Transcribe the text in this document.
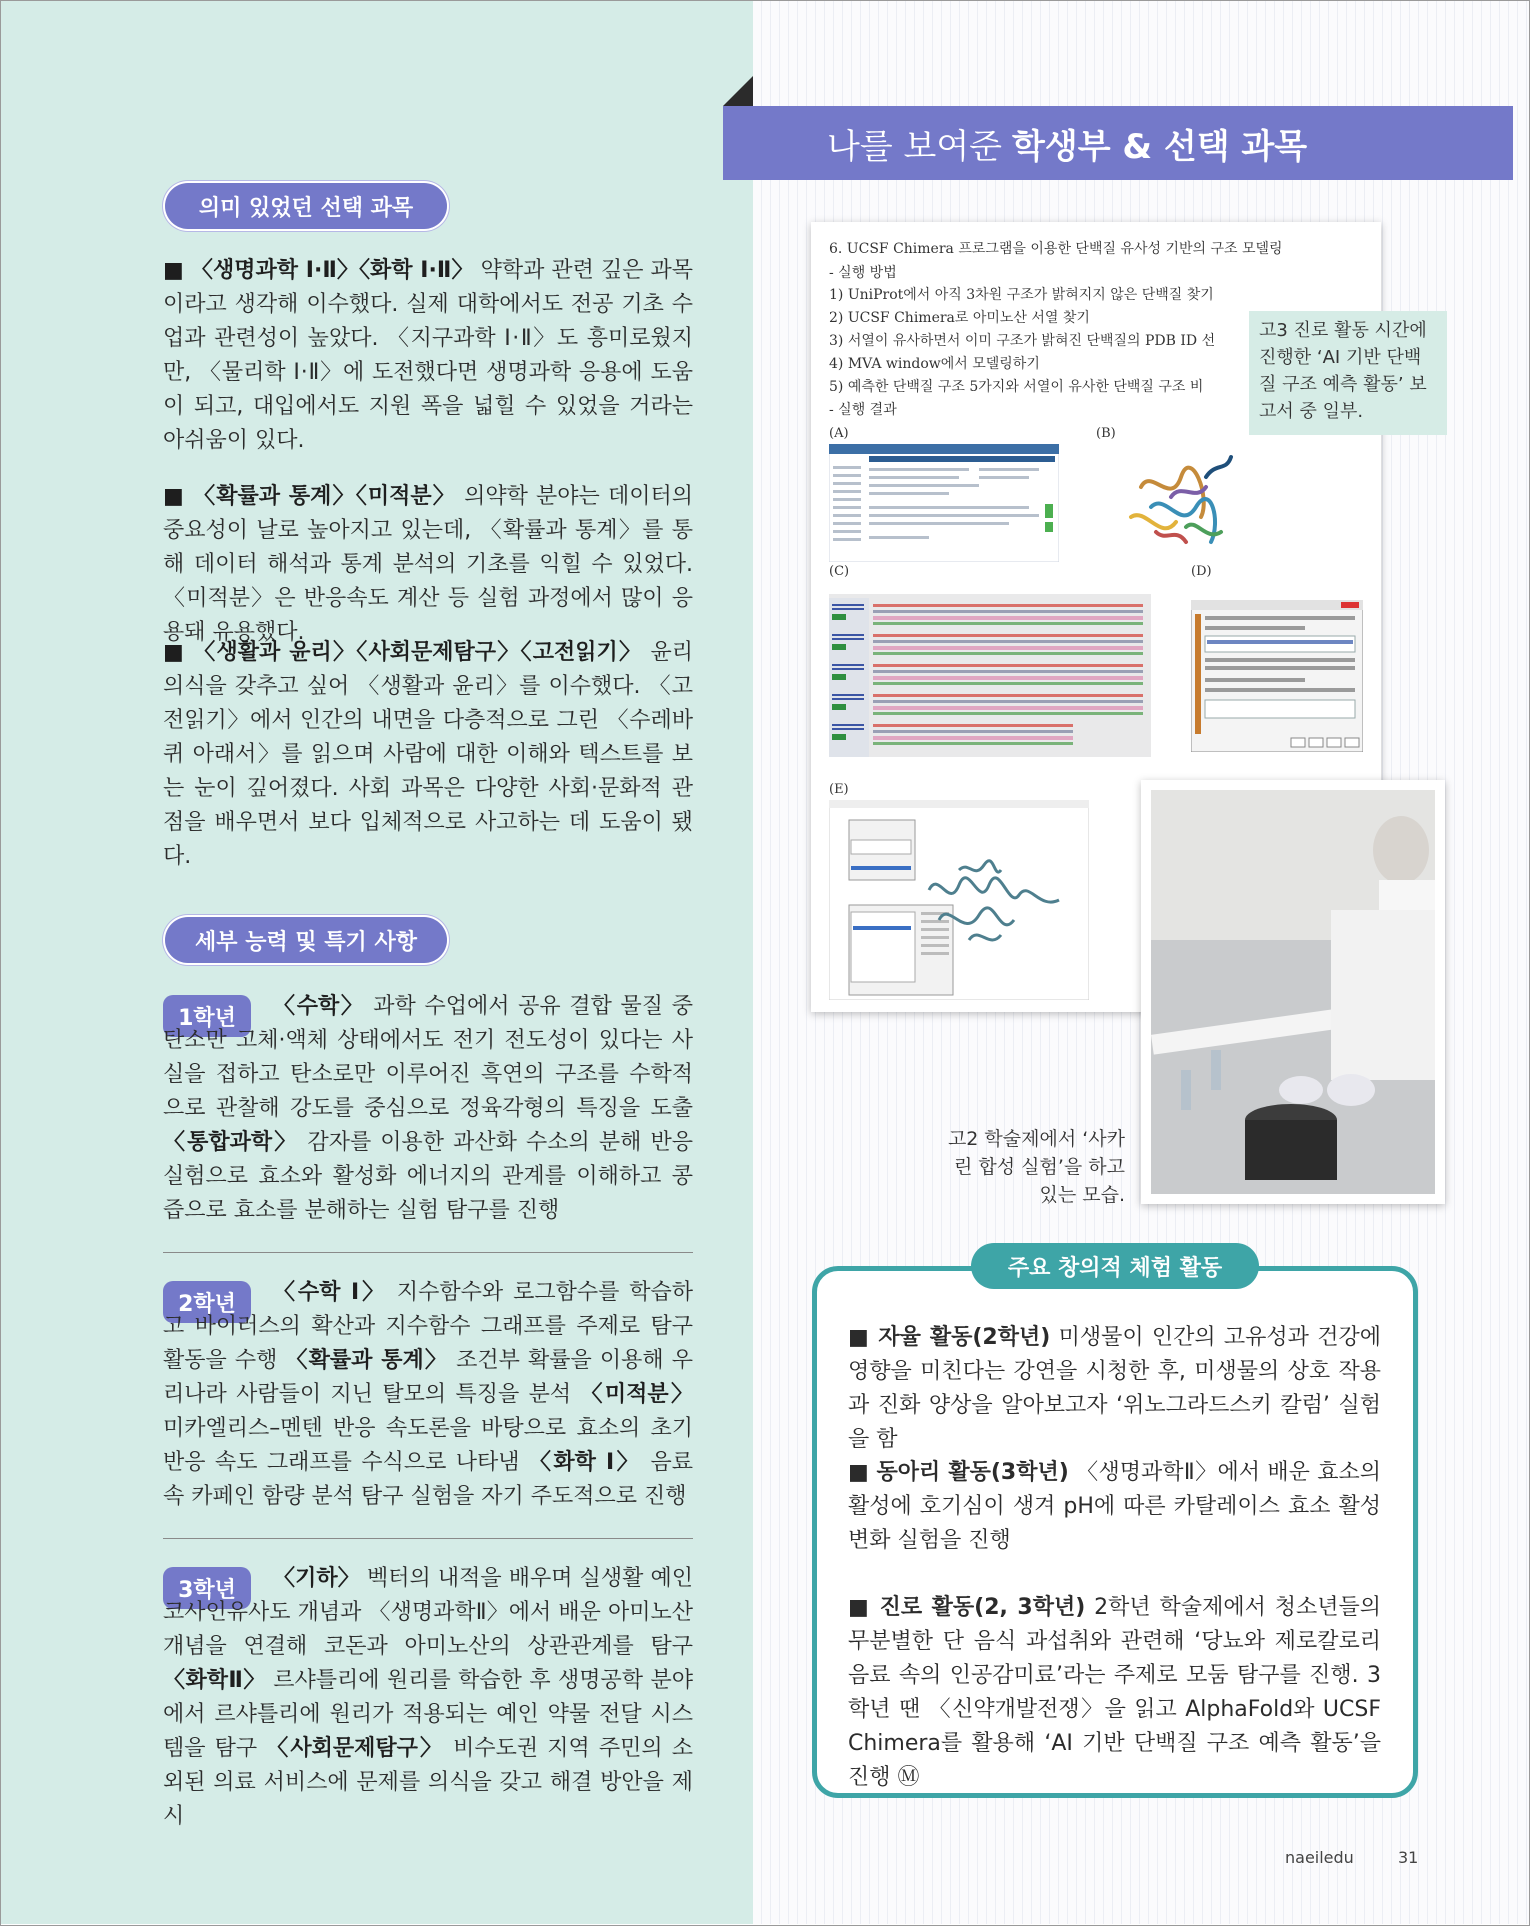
의미 있었던 선택 과목

■ 〈생명과학 Ⅰ·Ⅱ〉〈화학 Ⅰ·Ⅱ〉 약학과 관련 깊은 과목이라고 생각해 이수했다. 실제 대학에서도 전공 기초 수업과 관련성이 높았다. 〈지구과학 Ⅰ·Ⅱ〉도 흥미로웠지만, 〈물리학 Ⅰ·Ⅱ〉에 도전했다면 생명과학 응용에 도움이 되고, 대입에서도 지원 폭을 넓힐 수 있었을 거라는 아쉬움이 있다.

■ 〈확률과 통계〉〈미적분〉 의약학 분야는 데이터의 중요성이 날로 높아지고 있는데, 〈확률과 통계〉를 통해 데이터 해석과 통계 분석의 기초를 익힐 수 있었다. 〈미적분〉은 반응속도 계산 등 실험 과정에서 많이 응용돼 유용했다.

■ 〈생활과 윤리〉〈사회문제탐구〉〈고전읽기〉 윤리 의식을 갖추고 싶어 〈생활과 윤리〉를 이수했다. 〈고전읽기〉에서 인간의 내면을 다층적으로 그린 〈수레바퀴 아래서〉를 읽으며 사람에 대한 이해와 텍스트를 보는 눈이 깊어졌다. 사회 과목은 다양한 사회·문화적 관점을 배우면서 보다 입체적으로 사고하는 데 도움이 됐다.

세부 능력 및 특기 사항
1학년	〈수학〉 과학 수업에서 공유 결합 물질 중 탄소만 고체·액체 상태에서도 전기 전도성이 있다는 사실을 접하고 탄소로만 이루어진 흑연의 구조를 수학적으로 관찰해 강도를 중심으로 정육각형의 특징을 도출 〈통합과학〉 감자를 이용한 과산화 수소의 분해 반응 실험으로 효소와 활성화 에너지의 관계를 이해하고 콩즙으로 효소를 분해하는 실험 탐구를 진행

2학년	〈수학 Ⅰ〉 지수함수와 로그함수를 학습하고 바이러스의 확산과 지수함수 그래프를 주제로 탐구 활동을 수행 〈확률과 통계〉 조건부 확률을 이용해 우리나라 사람들이 지닌 탈모의 특징을 분석 〈미적분〉 미카엘리스–멘텐 반응 속도론을 바탕으로 효소의 초기 반응 속도 그래프를 수식으로 나타냄 〈화학 Ⅰ〉 음료 속 카페인 함량 분석 탐구 실험을 자기 주도적으로 진행

3학년	〈기하〉 벡터의 내적을 배우며 실생활 예인 코사인유사도 개념과 〈생명과학Ⅱ〉에서 배운 아미노산 개념을 연결해 코돈과 아미노산의 상관관계를 탐구 〈화학Ⅱ〉 르샤틀리에 원리를 학습한 후 생명공학 분야에서 르샤틀리에 원리가 적용되는 예인 약물 전달 시스템을 탐구 〈사회문제탐구〉 비수도권 지역 주민의 소외된 의료 서비스에 문제를 의식을 갖고 해결 방안을 제시

나를 보여준 학생부 & 선택 과목
6. UCSF Chimera 프로그램을 이용한 단백질 유사성 기반의 구조 모델링
- 실행 방법
1) UniProt에서 아직 3차원 구조가 밝혀지지 않은 단백질 찾기
2) UCSF Chimera로 아미노산 서열 찾기
3) 서열이 유사하면서 이미 구조가 밝혀진 단백질의 PDB ID 선
4) MVA window에서 모델링하기
5) 예측한 단백질 구조 5가지와 서열이 유사한 단백질 구조 비
- 실행 결과
(A)	(B)
(C)	(D)
(E)
고3 진로 활동 시간에 진행한 ‘AI 기반 단백질 구조 예측 활동’ 보고서 중 일부.
고2 학술제에서 ‘사카린 합성 실험’을 하고 있는 모습.
주요 창의적 체험 활동

■ 자율 활동(2학년) 미생물이 인간의 고유성과 건강에 영향을 미친다는 강연을 시청한 후, 미생물의 상호 작용과 진화 양상을 알아보고자 ‘위노그라드스키 칼럼’ 실험을 함

■ 동아리 활동(3학년) 〈생명과학Ⅱ〉에서 배운 효소의 활성에 호기심이 생겨 pH에 따른 카탈레이스 효소 활성 변화 실험을 진행

■ 진로 활동(2, 3학년) 2학년 학술제에서 청소년들의 무분별한 단 음식 과섭취와 관련해 ‘당뇨와 제로칼로리 음료 속의 인공감미료’라는 주제로 모둠 탐구를 진행. 3학년 땐 〈신약개발전쟁〉을 읽고 AlphaFold와 UCSF Chimera를 활용해 ‘AI 기반 단백질 구조 예측 활동’을 진행 Ⓜ

naeiledu	31
